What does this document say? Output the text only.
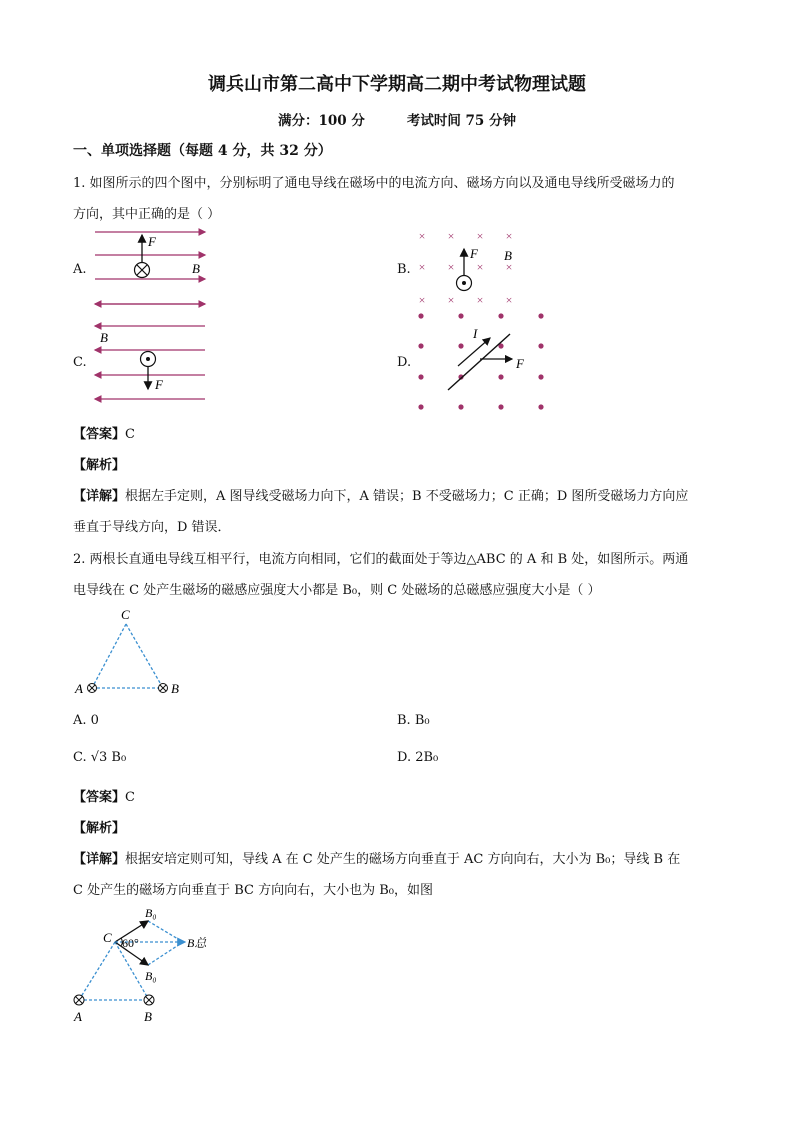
调兵山市第二高中下学期高二期中考试物理试题
满分：100 分	考试时间 75 分钟
一、单项选择题（每题 4 分，共 32 分）
1. 如图所示的四个图中，分别标明了通电导线在磁场中的电流方向、磁场方向以及通电导线所受磁场力的
方向，其中正确的是（ ）
A.
F
B	B.
× × × ×
× × × ×
× × × ×
F B
C.
B
F
D.
I
F
【答案】C
【解析】
【详解】根据左手定则，A 图导线受磁场力向下，A 错误；B 不受磁场力；C 正确；D 图所受磁场力方向应
垂直于导线方向，D 错误．
2. 两根长直通电导线互相平行，电流方向相同，它们的截面处于等边△ABC 的 A 和 B 处，如图所示。两通
电导线在 C 处产生磁场的磁感应强度大小都是 B₀，则 C 处磁场的总磁感应强度大小是（ ）
C
A	B
A. 0	B. B₀
C. √3 B₀	D. 2B₀
【答案】C
【解析】
【详解】根据安培定则可知，导线 A 在 C 处产生的磁场方向垂直于 AC 方向向右，大小为 B₀；导线 B 在
C 处产生的磁场方向垂直于 BC 方向向右，大小也为 B₀，如图
60°
C
B₀
B₀
B总
A	B
